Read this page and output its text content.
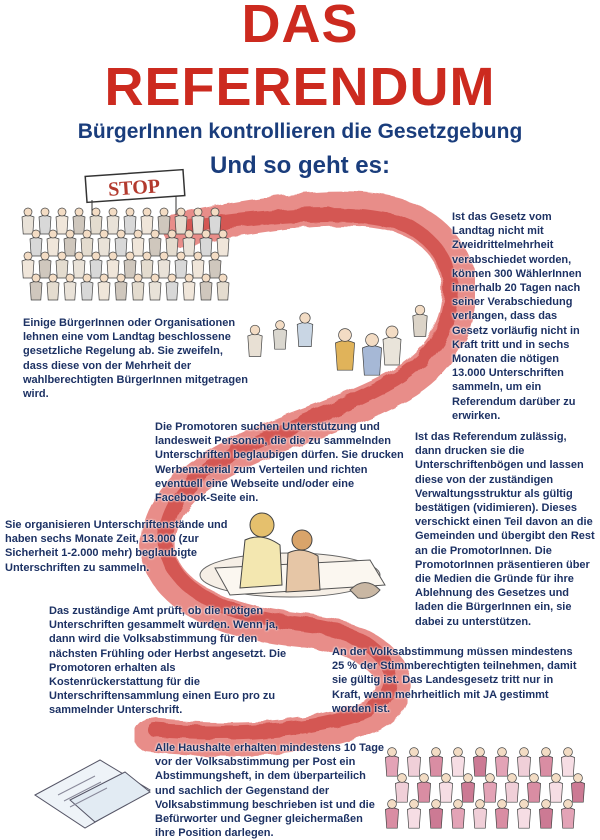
STOP
DAS
REFERENDUM
BürgerInnen kontrollieren die Gesetzgebung
Und so geht es:

Einige BürgerInnen oder Organisationen lehnen eine vom Landtag beschlossene gesetzliche Regelung ab. Sie zweifeln, dass diese von der Mehrheit der wahlberechtigten BürgerInnen mitgetragen wird.

Ist das Gesetz vom Landtag nicht mit Zweidrittelmehrheit verabschiedet worden, können 300 WählerInnen innerhalb 20 Tagen nach seiner Verabschiedung verlangen, dass das Gesetz vorläufig nicht in Kraft tritt und in sechs Monaten die nötigen 13.000 Unterschriften sammeln, um ein Referendum darüber zu erwirken.

Die Promotoren suchen Unterstützung und landesweit Personen, die die zu sammelnden Unterschriften beglaubigen dürfen. Sie drucken Werbematerial zum Verteilen und richten eventuell eine Webseite und/oder eine Facebook-Seite ein.

Ist das Referendum zulässig, dann drucken sie die Unterschriftenbögen und lassen diese von der zuständigen Verwaltungsstruktur als gültig bestätigen (vidimieren). Dieses verschickt einen Teil davon an die Gemeinden und übergibt den Rest an die PromotorInnen. Die PromotorInnen präsentieren über die Medien die Gründe für ihre Ablehnung des Gesetzes und laden die BürgerInnen ein, sie dabei zu unterstützen.

Sie organisieren Unterschriftenstände und haben sechs Monate Zeit, 13.000 (zur Sicherheit 1-2.000 mehr) beglaubigte Unterschriften zu sammeln.

Das zuständige Amt prüft, ob die nötigen Unterschriften gesammelt wurden. Wenn ja, dann wird die Volksabstimmung für den nächsten Frühling oder Herbst angesetzt. Die Promotoren erhalten als Kostenrückerstattung für die Unterschriftensammlung einen Euro pro zu sammelnder Unterschrift.

An der Volksabstimmung müssen mindestens 25 % der Stimmberechtigten teilnehmen, damit sie gültig ist. Das Landesgesetz tritt nur in Kraft, wenn mehrheitlich mit JA gestimmt worden ist.

Alle Haushalte erhalten mindestens 10 Tage vor der Volksabstimmung per Post ein Abstimmungsheft, in dem überparteilich und sachlich der Gegenstand der Volksabstimmung beschrieben ist und die Befürworter und Gegner gleichermaßen ihre Position darlegen.
